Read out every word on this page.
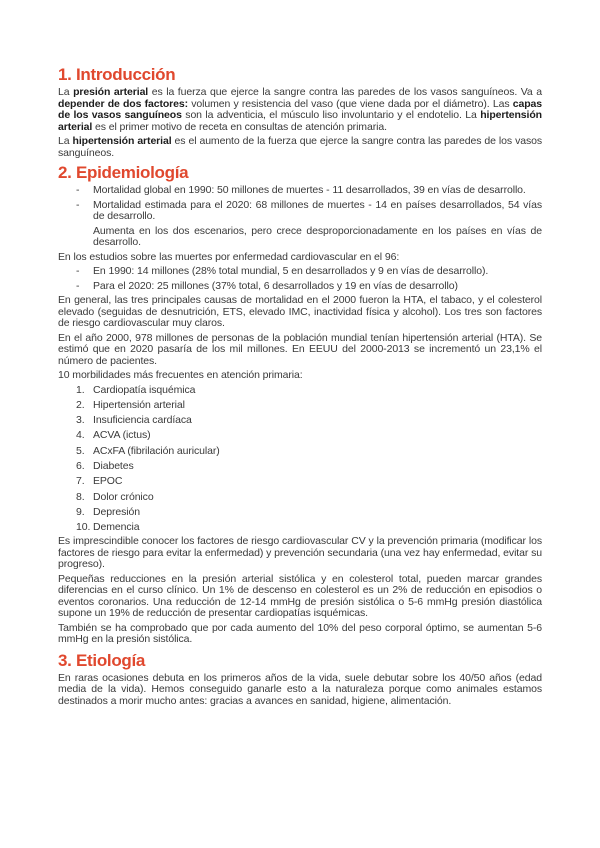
1. Introducción

La presión arterial es la fuerza que ejerce la sangre contra las paredes de los vasos sanguíneos. Va a depender de dos factores: volumen y resistencia del vaso (que viene dada por el diámetro). Las capas de los vasos sanguíneos son la adventicia, el músculo liso involuntario y el endotelio. La hipertensión arterial es el primer motivo de receta en consultas de atención primaria.

La hipertensión arterial es el aumento de la fuerza que ejerce la sangre contra las paredes de los vasos sanguíneos.

2. Epidemiología
- Mortalidad global en 1990: 50 millones de muertes - 11 desarrollados, 39 en vías de desarrollo.
- Mortalidad estimada para el 2020: 68 millones de muertes - 14 en países desarrollados, 54 vías de desarrollo.

Aumenta en los dos escenarios, pero crece desproporcionadamente en los países en vías de desarrollo.

En los estudios sobre las muertes por enfermedad cardiovascular en el 96:

- En 1990: 14 millones (28% total mundial, 5 en desarrollados y 9 en vías de desarrollo).
- Para el 2020: 25 millones (37% total, 6 desarrollados y 19 en vías de desarrollo)

En general, las tres principales causas de mortalidad en el 2000 fueron la HTA, el tabaco, y el colesterol elevado (seguidas de desnutrición, ETS, elevado IMC, inactividad física y alcohol). Los tres son factores de riesgo cardiovascular muy claros.

En el año 2000, 978 millones de personas de la población mundial tenían hipertensión arterial (HTA). Se estimó que en 2020 pasaría de los mil millones. En EEUU del 2000-2013 se incrementó un 23,1% el número de pacientes.

10 morbilidades más frecuentes en atención primaria:

1. Cardiopatía isquémica
2. Hipertensión arterial
3. Insuficiencia cardíaca
4. ACVA (ictus)
5. ACxFA (fibrilación auricular)
6. Diabetes
7. EPOC
8. Dolor crónico
9. Depresión
10. Demencia

Es imprescindible conocer los factores de riesgo cardiovascular CV y la prevención primaria (modificar los factores de riesgo para evitar la enfermedad) y prevención secundaria (una vez hay enfermedad, evitar su progreso).

Pequeñas reducciones en la presión arterial sistólica y en colesterol total, pueden marcar grandes diferencias en el curso clínico. Un 1% de descenso en colesterol es un 2% de reducción en episodios o eventos coronarios. Una reducción de 12-14 mmHg de presión sistólica o 5-6 mmHg presión diastólica supone un 19% de reducción de presentar cardiopatías isquémicas.

También se ha comprobado que por cada aumento del 10% del peso corporal óptimo, se aumentan 5-6 mmHg en la presión sistólica.

3. Etiología

En raras ocasiones debuta en los primeros años de la vida, suele debutar sobre los 40/50 años (edad media de la vida). Hemos conseguido ganarle esto a la naturaleza porque como animales estamos destinados a morir mucho antes: gracias a avances en sanidad, higiene, alimentación.
